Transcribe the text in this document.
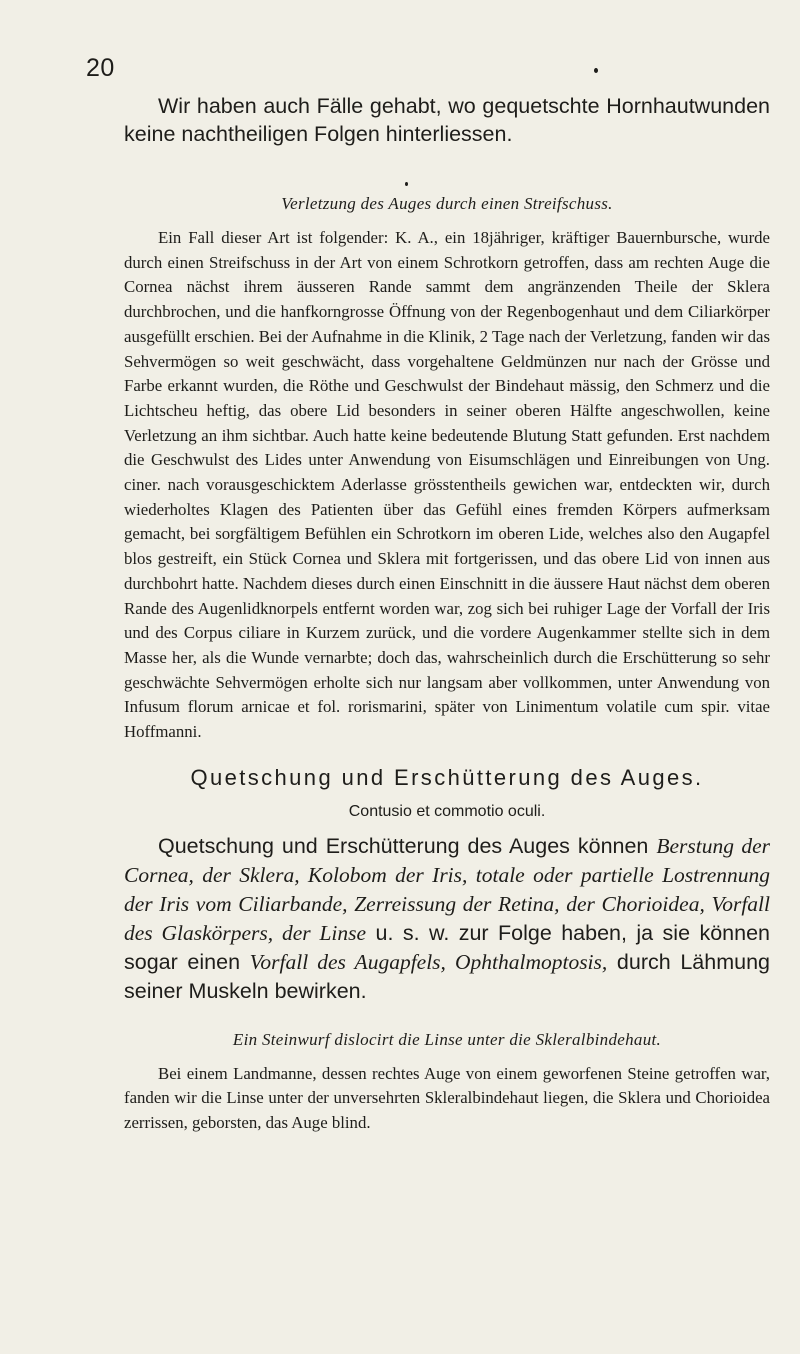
20

Wir haben auch Fälle gehabt, wo gequetschte Hornhautwunden keine nachtheiligen Folgen hinterliessen.

Verletzung des Auges durch einen Streifschuss.

Ein Fall dieser Art ist folgender: K. A., ein 18jähriger, kräftiger Bauernbursche, wurde durch einen Streifschuss in der Art von einem Schrotkorn getroffen, dass am rechten Auge die Cornea nächst ihrem äusseren Rande sammt dem angränzenden Theile der Sklera durchbrochen, und die hanfkorngrosse Öffnung von der Regenbogenhaut und dem Ciliarkörper ausgefüllt erschien. Bei der Aufnahme in die Klinik, 2 Tage nach der Verletzung, fanden wir das Sehvermögen so weit geschwächt, dass vorgehaltene Geldmünzen nur nach der Grösse und Farbe erkannt wurden, die Röthe und Geschwulst der Bindehaut mässig, den Schmerz und die Lichtscheu heftig, das obere Lid besonders in seiner oberen Hälfte angeschwollen, keine Verletzung an ihm sichtbar. Auch hatte keine bedeutende Blutung Statt gefunden. Erst nachdem die Geschwulst des Lides unter Anwendung von Eisumschlägen und Einreibungen von Ung. ciner. nach vorausgeschicktem Aderlasse grösstentheils gewichen war, entdeckten wir, durch wiederholtes Klagen des Patienten über das Gefühl eines fremden Körpers aufmerksam gemacht, bei sorgfältigem Befühlen ein Schrotkorn im oberen Lide, welches also den Augapfel blos gestreift, ein Stück Cornea und Sklera mit fortgerissen, und das obere Lid von innen aus durchbohrt hatte. Nachdem dieses durch einen Einschnitt in die äussere Haut nächst dem oberen Rande des Augenlidknorpels entfernt worden war, zog sich bei ruhiger Lage der Vorfall der Iris und des Corpus ciliare in Kurzem zurück, und die vordere Augenkammer stellte sich in dem Masse her, als die Wunde vernarbte; doch das, wahrscheinlich durch die Erschütterung so sehr geschwächte Sehvermögen erholte sich nur langsam aber vollkommen, unter Anwendung von Infusum florum arnicae et fol. rorismarini, später von Linimentum volatile cum spir. vitae Hoffmanni.

Quetschung und Erschütterung des Auges.

Contusio et commotio oculi.

Quetschung und Erschütterung des Auges können Berstung der Cornea, der Sklera, Kolobom der Iris, totale oder partielle Lostrennung der Iris vom Ciliarbande, Zerreissung der Retina, der Chorioidea, Vorfall des Glaskörpers, der Linse u. s. w. zur Folge haben, ja sie können sogar einen Vorfall des Augapfels, Ophthalmoptosis, durch Lähmung seiner Muskeln bewirken.

Ein Steinwurf dislocirt die Linse unter die Skleralbindehaut.

Bei einem Landmanne, dessen rechtes Auge von einem geworfenen Steine getroffen war, fanden wir die Linse unter der unversehrten Skleralbindehaut liegen, die Sklera und Chorioidea zerrissen, geborsten, das Auge blind.
